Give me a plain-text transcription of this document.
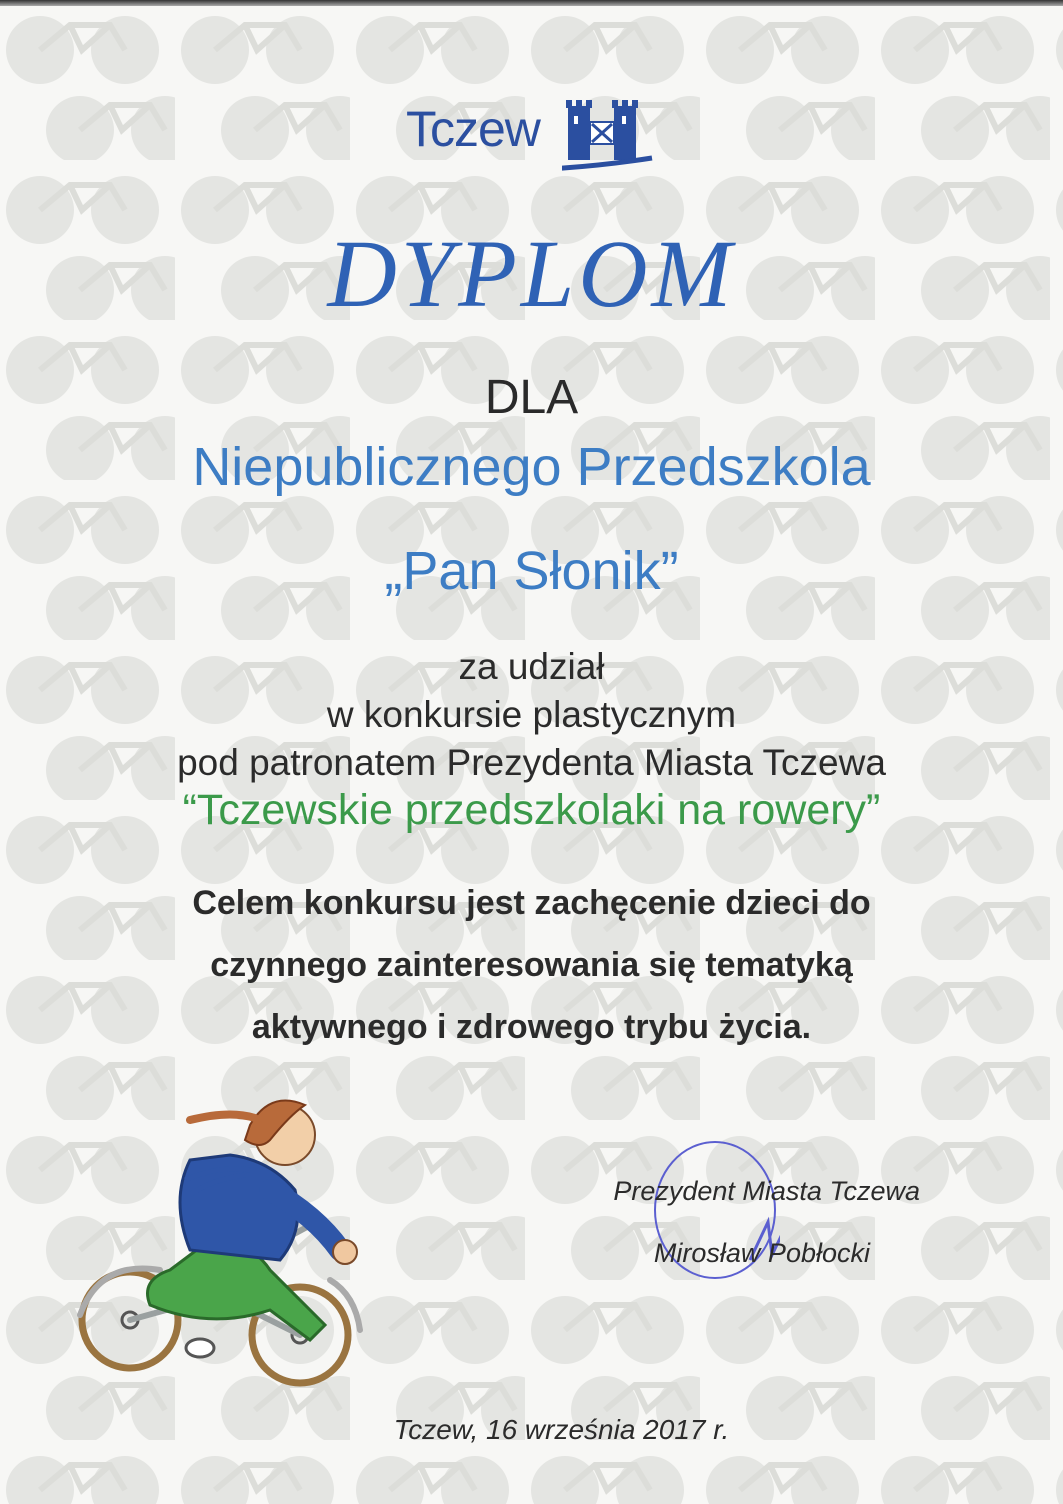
Tczew
DYPLOM
DLA
Niepublicznego Przedszkola
„Pan Słonik”
za udział
w konkursie plastycznym
pod patronatem Prezydenta Miasta Tczewa
“Tczewskie przedszkolaki na rowery”
Celem konkursu jest zachęcenie dzieci do
czynnego zainteresowania się tematyką
aktywnego i zdrowego trybu życia.
Prezydent Miasta Tczewa
Mirosław Pobłocki
Tczew, 16 września 2017 r.
